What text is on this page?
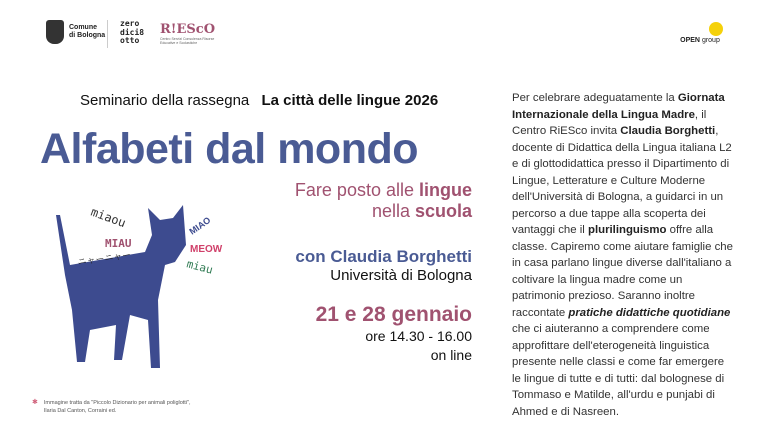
Comune
di Bologna
zero
dici8
otto
R!EScO
Centro Servizi Consulenza Risorse Educative e Scolastiche	OPEN group
Seminario della rassegna La città delle lingue 2026
Alfabeti dal mondo
Fare posto alle lingue
nella scuola
con Claudia Borghetti
Università di Bologna
21 e 28 gennaio
ore 14.30 - 16.00
on line
miaou
MIAU
ニャーニャー
MIAO
MEOW
miau
Per celebrare adeguatamente la Giornata Internazionale della Lingua Madre, il Centro RiESco invita Claudia Borghetti, docente di Didattica della Lingua italiana L2 e di glottodidattica presso il Dipartimento di Lingue, Letterature e Culture Moderne dell'Università di Bologna, a guidarci in un percorso a due tappe alla scoperta dei vantaggi che il plurilinguismo offre alla classe. Capiremo come aiutare famiglie che in casa parlano lingue diverse dall'italiano a coltivare la lingua madre come un patrimonio prezioso. Saranno inoltre raccontate pratiche didattiche quotidiane che ci aiuteranno a comprendere come approfittare dell'eterogeneità linguistica presente nelle classi e come far emergere le lingue di tutte e di tutti: dal bolognese di Tommaso e Matilde, all'urdu e punjabi di Ahmed e di Nasreen.
✱ Immagine tratta da "Piccolo Dizionario per animali poliglotti",
Ilaria Dal Canton, Corraini ed.
